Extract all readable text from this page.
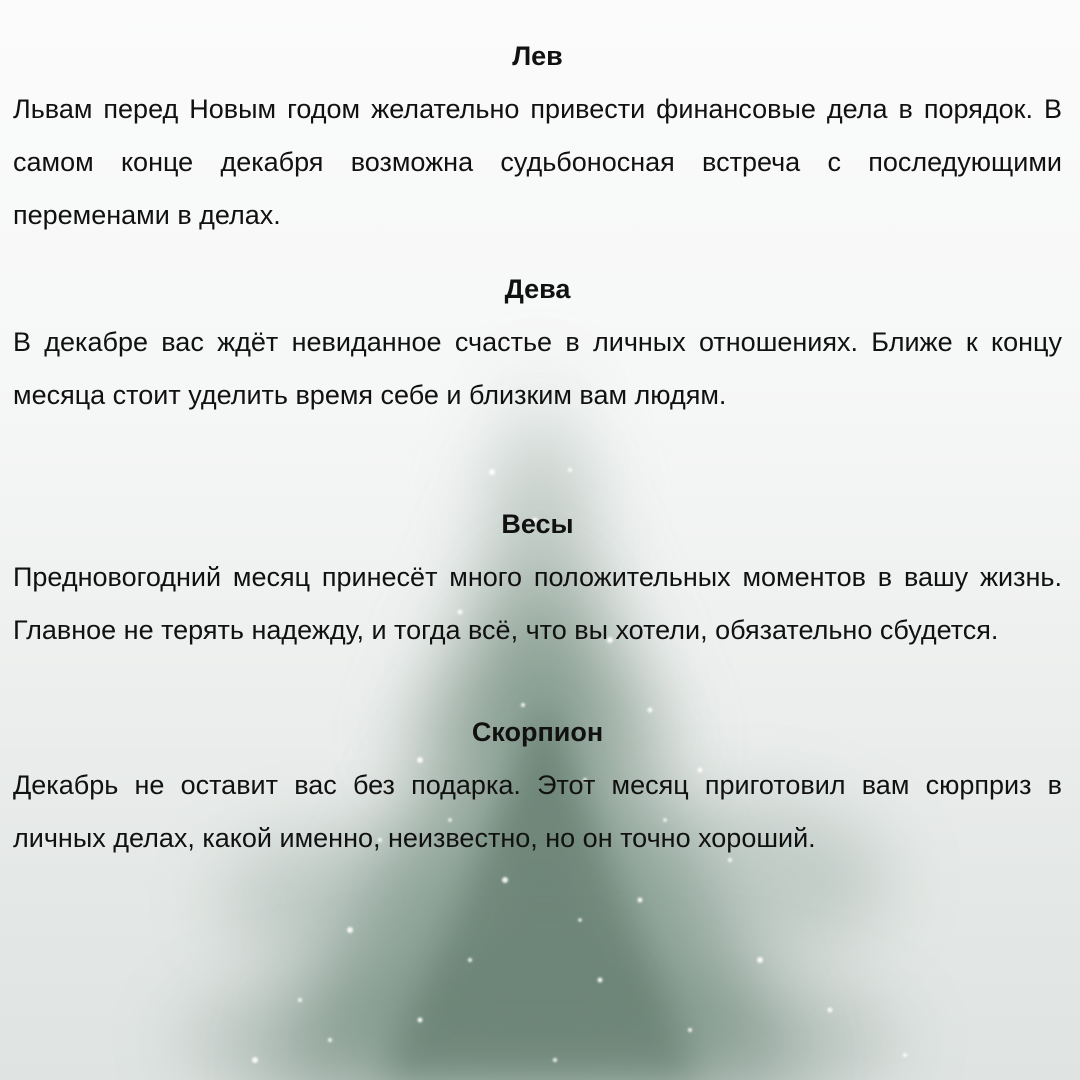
Лев

Львам перед Новым годом желательно привести финансовые дела в порядок. В самом конце декабря возможна судьбоносная встреча с последующими переменами в делах.

Дева

В декабре вас ждёт невиданное счастье в личных отношениях. Ближе к концу месяца стоит уделить время себе и близким вам людям.

Весы

Предновогодний месяц принесёт много положительных моментов в вашу жизнь. Главное не терять надежду, и тогда всё, что вы хотели, обязательно сбудется.

Скорпион

Декабрь не оставит вас без подарка. Этот месяц приготовил вам сюрприз в личных делах, какой именно, неизвестно, но он точно хороший.
